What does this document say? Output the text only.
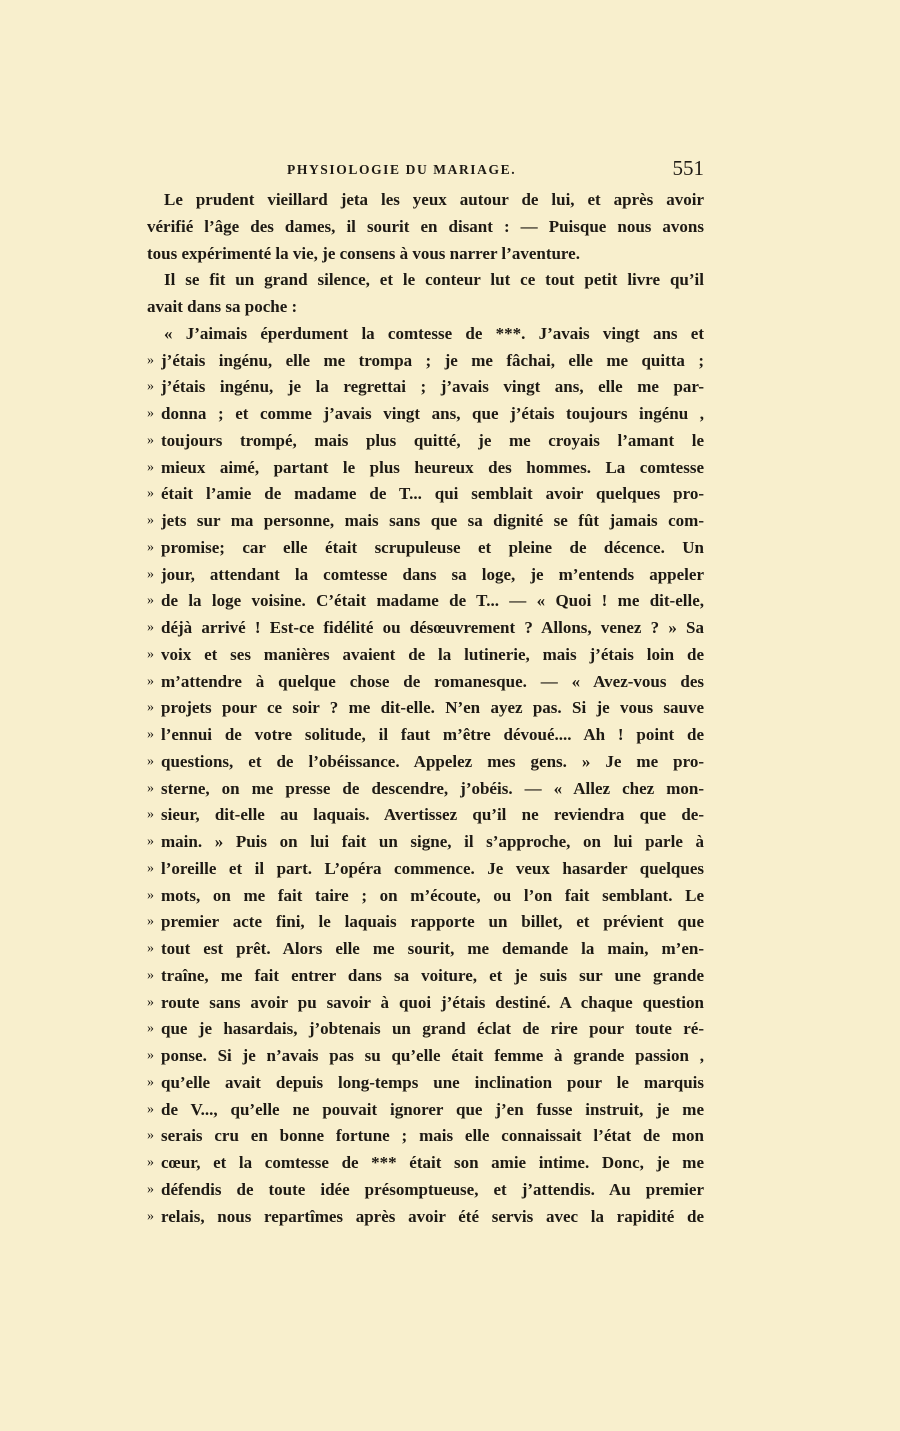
PHYSIOLOGIE DU MARIAGE.	551
Le prudent vieillard jeta les yeux autour de lui, et après avoir
vérifié l’âge des dames, il sourit en disant : — Puisque nous avons
tous expérimenté la vie, je consens à vous narrer l’aventure.
Il se fit un grand silence, et le conteur lut ce tout petit livre qu’il
avait dans sa poche :
« J’aimais éperdument la comtesse de ***. J’avais vingt ans et
» j’étais ingénu, elle me trompa ; je me fâchai, elle me quitta ;
» j’étais ingénu, je la regrettai ; j’avais vingt ans, elle me par-
» donna ; et comme j’avais vingt ans, que j’étais toujours ingénu ,
» toujours trompé, mais plus quitté, je me croyais l’amant le
» mieux aimé, partant le plus heureux des hommes. La comtesse
» était l’amie de madame de T... qui semblait avoir quelques pro-
» jets sur ma personne, mais sans que sa dignité se fût jamais com-
» promise; car elle était scrupuleuse et pleine de décence. Un
» jour, attendant la comtesse dans sa loge, je m’entends appeler
» de la loge voisine. C’était madame de T... — « Quoi ! me dit-elle,
» déjà arrivé ! Est-ce fidélité ou désœuvrement ? Allons, venez ? » Sa
» voix et ses manières avaient de la lutinerie, mais j’étais loin de
» m’attendre à quelque chose de romanesque. — « Avez-vous des
» projets pour ce soir ? me dit-elle. N’en ayez pas. Si je vous sauve
» l’ennui de votre solitude, il faut m’être dévoué.... Ah ! point de
» questions, et de l’obéissance. Appelez mes gens. » Je me pro-
» sterne, on me presse de descendre, j’obéis. — « Allez chez mon-
» sieur, dit-elle au laquais. Avertissez qu’il ne reviendra que de-
» main. » Puis on lui fait un signe, il s’approche, on lui parle à
» l’oreille et il part. L’opéra commence. Je veux hasarder quelques
» mots, on me fait taire ; on m’écoute, ou l’on fait semblant. Le
» premier acte fini, le laquais rapporte un billet, et prévient que
» tout est prêt. Alors elle me sourit, me demande la main, m’en-
» traîne, me fait entrer dans sa voiture, et je suis sur une grande
» route sans avoir pu savoir à quoi j’étais destiné. A chaque question
» que je hasardais, j’obtenais un grand éclat de rire pour toute ré-
» ponse. Si je n’avais pas su qu’elle était femme à grande passion ,
» qu’elle avait depuis long-temps une inclination pour le marquis
» de V..., qu’elle ne pouvait ignorer que j’en fusse instruit, je me
» serais cru en bonne fortune ; mais elle connaissait l’état de mon
» cœur, et la comtesse de *** était son amie intime. Donc, je me
» défendis de toute idée présomptueuse, et j’attendis. Au premier
» relais, nous repartîmes après avoir été servis avec la rapidité de
